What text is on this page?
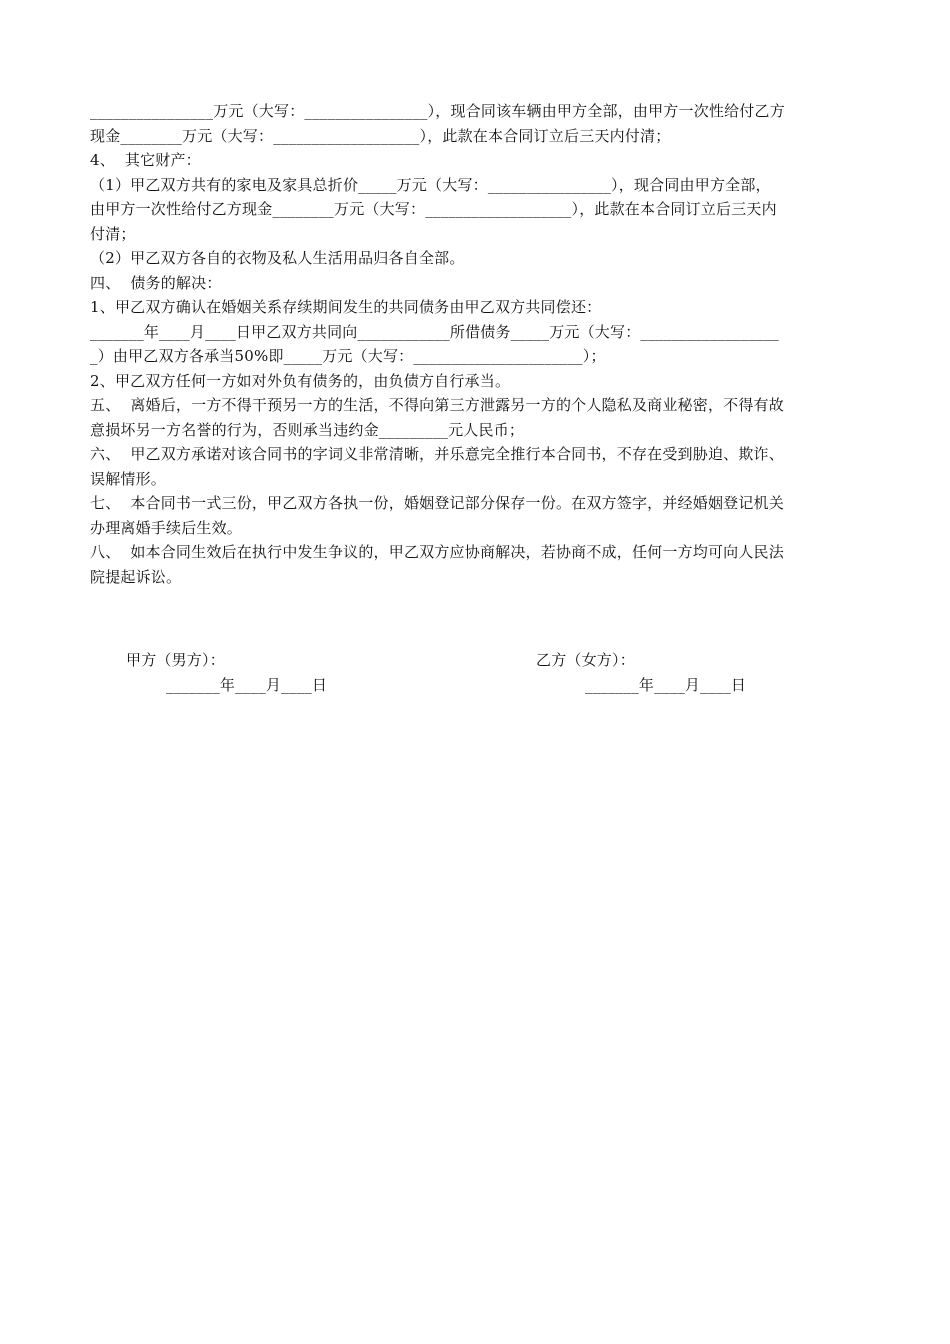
________________万元（大写：________________），现合同该车辆由甲方全部，由甲方一次性给付乙方
现金________万元（大写：___________________），此款在本合同订立后三天内付清；
4、  其它财产：
（1）甲乙双方共有的家电及家具总折价_____万元（大写：________________），现合同由甲方全部，
由甲方一次性给付乙方现金________万元（大写：___________________），此款在本合同订立后三天内
付清；
（2）甲乙双方各自的衣物及私人生活用品归各自全部。
四、  债务的解决：
1、甲乙双方确认在婚姻关系存续期间发生的共同债务由甲乙双方共同偿还：
_______年____月____日甲乙双方共同向____________所借债务_____万元（大写：__________________
_）由甲乙双方各承当50%即_____万元（大写：______________________）；
2、甲乙双方任何一方如对外负有债务的，由负债方自行承当。
五、  离婚后，一方不得干预另一方的生活，不得向第三方泄露另一方的个人隐私及商业秘密，不得有故
意损坏另一方名誉的行为，否则承当违约金_________元人民币；
六、  甲乙双方承诺对该合同书的字词义非常清晰，并乐意完全推行本合同书，不存在受到胁迫、欺诈、
误解情形。
七、  本合同书一式三份，甲乙双方各执一份，婚姻登记部分保存一份。在双方签字，并经婚姻登记机关
办理离婚手续后生效。
八、  如本合同生效后在执行中发生争议的，甲乙双方应协商解决，若协商不成，任何一方均可向人民法
院提起诉讼。
甲方（男方）：
_______年____月____日
乙方（女方）：
_______年____月____日
